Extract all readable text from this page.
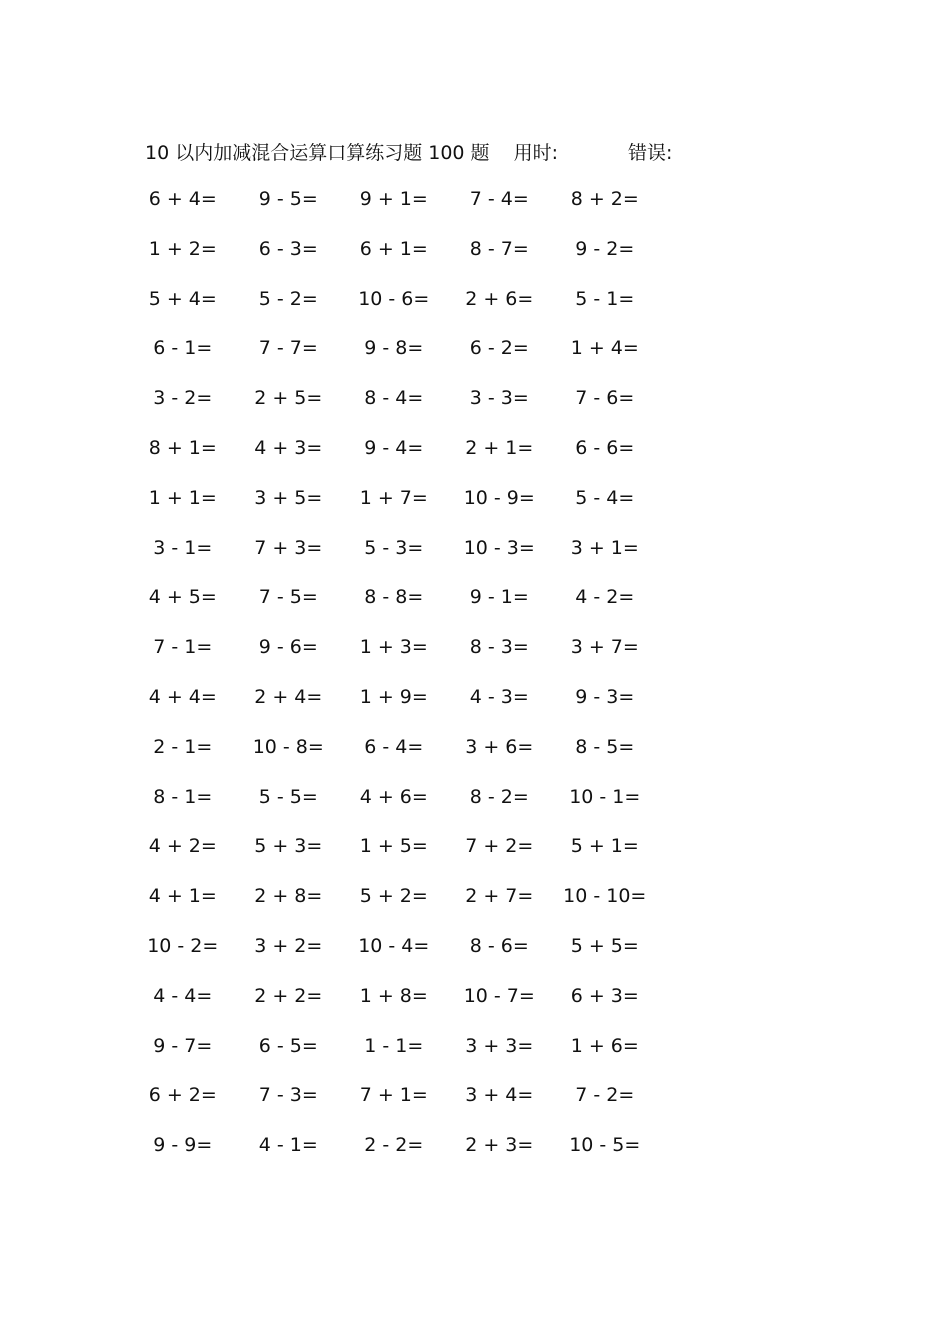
10 以内加减混合运算口算练习题 100 题 用时:	错误:
6 + 4=	9 - 5=	9 + 1=	7 - 4=	8 + 2=
1 + 2=	6 - 3=	6 + 1=	8 - 7=	9 - 2=
5 + 4=	5 - 2=	10 - 6=	2 + 6=	5 - 1=
6 - 1=	7 - 7=	9 - 8=	6 - 2=	1 + 4=
3 - 2=	2 + 5=	8 - 4=	3 - 3=	7 - 6=
8 + 1=	4 + 3=	9 - 4=	2 + 1=	6 - 6=
1 + 1=	3 + 5=	1 + 7=	10 - 9=	5 - 4=
3 - 1=	7 + 3=	5 - 3=	10 - 3=	3 + 1=
4 + 5=	7 - 5=	8 - 8=	9 - 1=	4 - 2=
7 - 1=	9 - 6=	1 + 3=	8 - 3=	3 + 7=
4 + 4=	2 + 4=	1 + 9=	4 - 3=	9 - 3=
2 - 1=	10 - 8=	6 - 4=	3 + 6=	8 - 5=
8 - 1=	5 - 5=	4 + 6=	8 - 2=	10 - 1=
4 + 2=	5 + 3=	1 + 5=	7 + 2=	5 + 1=
4 + 1=	2 + 8=	5 + 2=	2 + 7=	10 - 10=
10 - 2=	3 + 2=	10 - 4=	8 - 6=	5 + 5=
4 - 4=	2 + 2=	1 + 8=	10 - 7=	6 + 3=
9 - 7=	6 - 5=	1 - 1=	3 + 3=	1 + 6=
6 + 2=	7 - 3=	7 + 1=	3 + 4=	7 - 2=
9 - 9=	4 - 1=	2 - 2=	2 + 3=	10 - 5=
